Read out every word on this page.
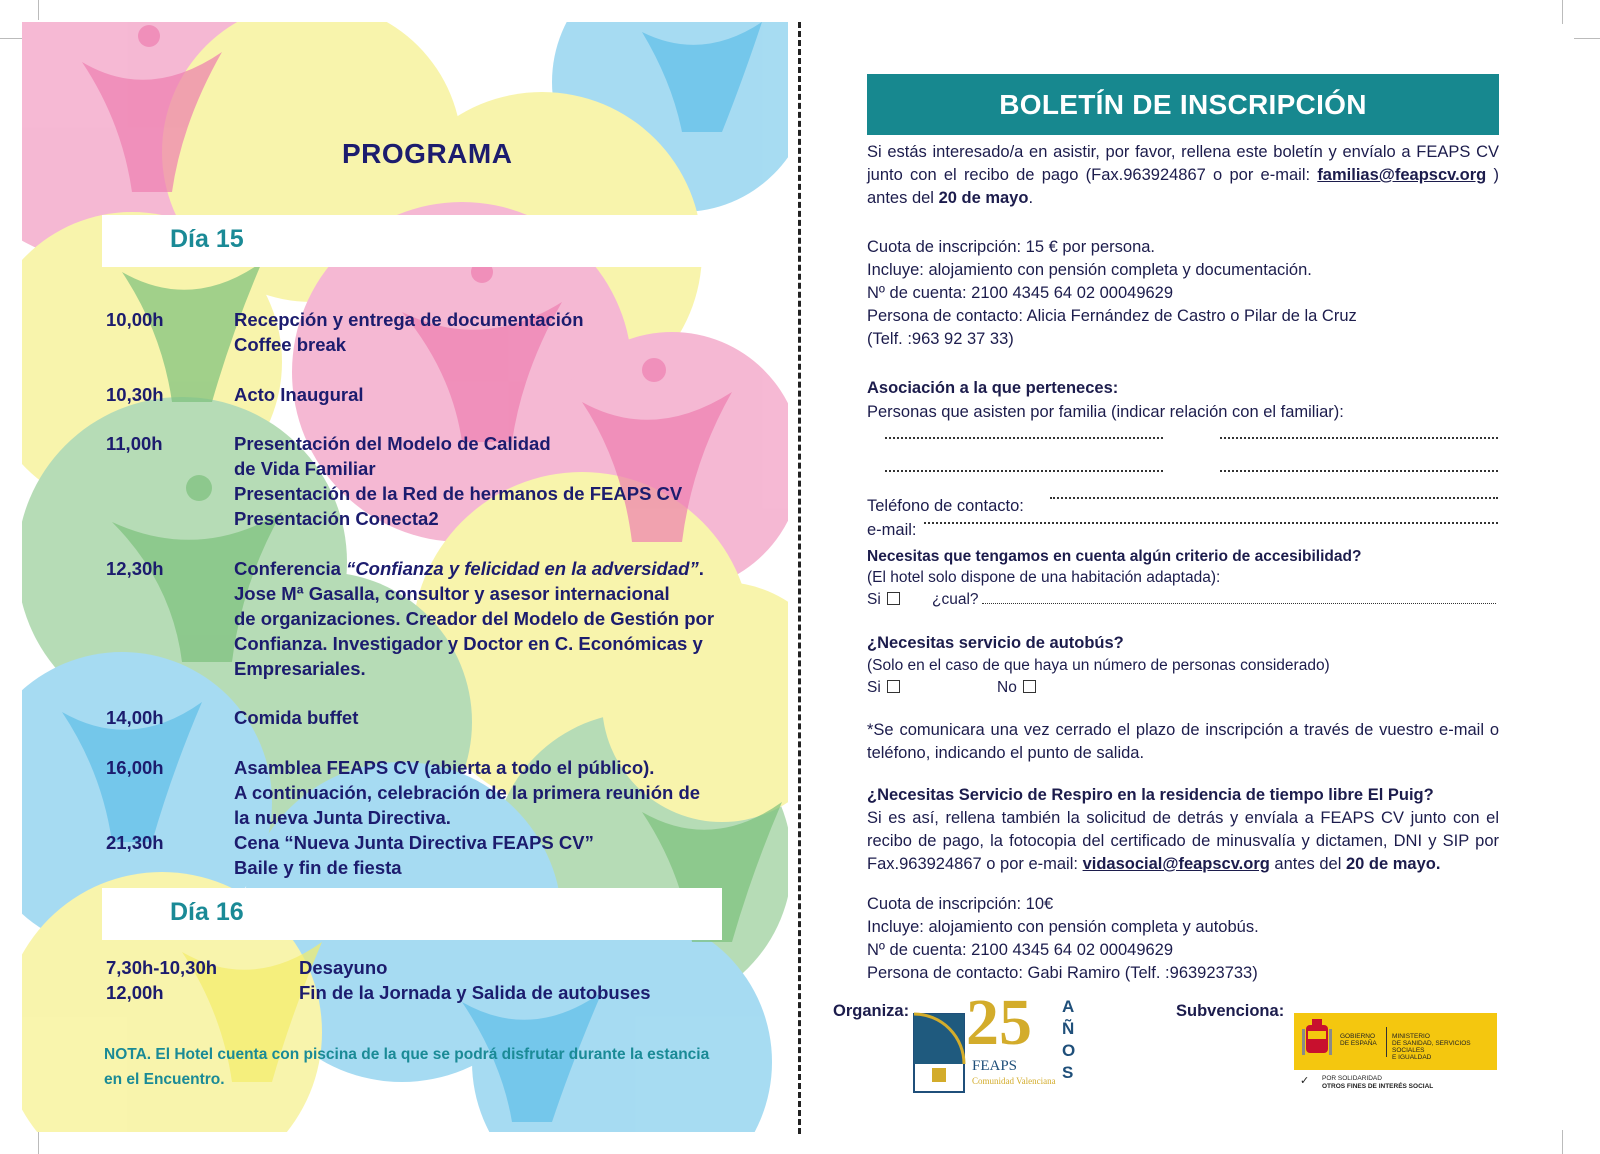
PROGRAMA
Día 15
10,00h	Recepción y entrega de documentación
Coffee break
10,30h	Acto Inaugural
11,00h	Presentación del Modelo de Calidad
de Vida Familiar
Presentación de la Red de hermanos de FEAPS CV
Presentación Conecta2
12,30h	Conferencia “Confianza y felicidad en la adversidad”.
Jose Mª Gasalla, consultor y asesor internacional
de organizaciones. Creador del Modelo de Gestión por
Confianza. Investigador y Doctor en C. Económicas y
Empresariales.
14,00h	Comida buffet
16,00h	Asamblea FEAPS CV (abierta a todo el público).
A continuación, celebración de la primera reunión de
la nueva Junta Directiva.
21,30h	Cena “Nueva Junta Directiva FEAPS CV”
Baile y fin de fiesta
Día 16
7,30h-10,30h	Desayuno
12,00h	Fin de la Jornada y Salida de autobuses
NOTA. El Hotel cuenta con piscina de la que se podrá disfrutar durante la estancia en el Encuentro.
BOLETÍN DE INSCRIPCIÓN
Si estás interesado/a en asistir, por favor, rellena este boletín y envíalo a FEAPS CV junto con el recibo de pago (Fax.963924867 o por e-mail: familias@feapscv.org ) antes del 20 de mayo.
Cuota de inscripción: 15 € por persona.
Incluye: alojamiento con pensión completa y documentación.
Nº de cuenta: 2100 4345 64 02 00049629
Persona de contacto: Alicia Fernández de Castro o Pilar de la Cruz
(Telf. :963 92 37 33)
Asociación a la que perteneces:
Personas que asisten por familia (indicar relación con el familiar):
Teléfono de contacto:
e-mail:
Necesitas que tengamos en cuenta algún criterio de accesibilidad?
(El hotel solo dispone de una habitación adaptada):
Si	¿cual?
¿Necesitas servicio de autobús?
(Solo en el caso de que haya un número de personas considerado)
Si	No
*Se comunicara una vez cerrado el plazo de inscripción a través de vuestro e-mail o teléfono, indicando el punto de salida.
¿Necesitas Servicio de Respiro en la residencia de tiempo libre El Puig?
Si es así, rellena también la solicitud de detrás y envíala a FEAPS CV junto con el recibo de pago, la fotocopia del certificado de minusvalía y dictamen, DNI y SIP por Fax.963924867 o por e-mail: vidasocial@feapscv.org antes del 20 de mayo.
Cuota de inscripción: 10€
Incluye: alojamiento con pensión completa y autobús.
Nº de cuenta: 2100 4345 64 02 00049629
Persona de contacto: Gabi Ramiro (Telf. :963923733)
Organiza: 25 AÑOS
FEAPS
Comunidad Valenciana
Subvenciona:
GOBIERNO
DE ESPAÑA
MINISTERIO
DE SANIDAD, SERVICIOS SOCIALES
E IGUALDAD
✓ POR SOLIDARIDAD
OTROS FINES DE INTERÉS SOCIAL
